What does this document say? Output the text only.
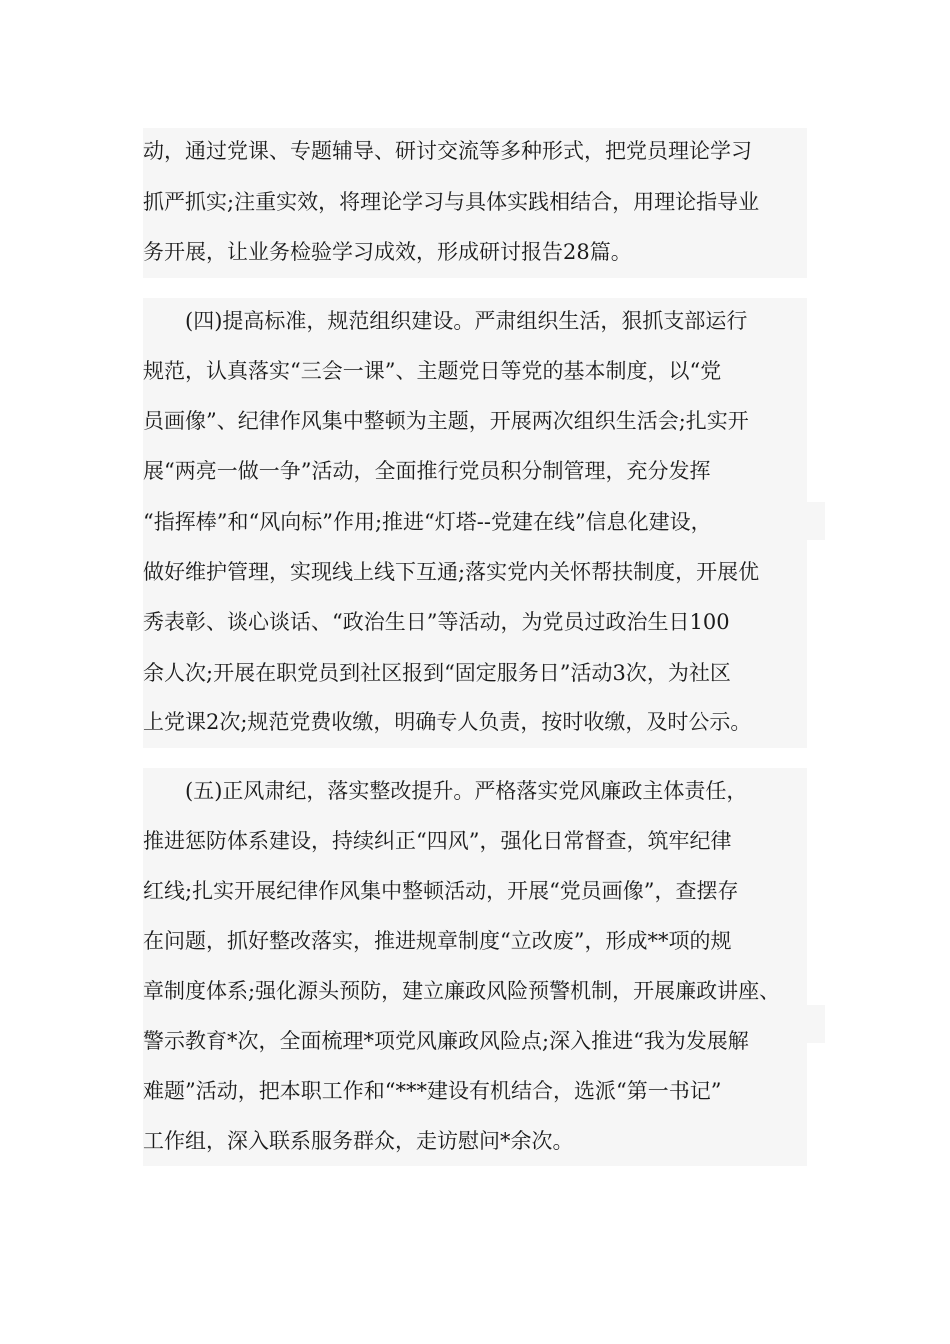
动，通过党课、专题辅导、研讨交流等多种形式，把党员理论学习
抓严抓实;注重实效，将理论学习与具体实践相结合，用理论指导业
务开展，让业务检验学习成效，形成研讨报告28篇。
(四)提高标准，规范组织建设。严肃组织生活，狠抓支部运行
规范，认真落实“三会一课”、主题党日等党的基本制度，以“党
员画像”、纪律作风集中整顿为主题，开展两次组织生活会;扎实开
展“两亮一做一争”活动，全面推行党员积分制管理，充分发挥
“指挥棒”和“风向标”作用;推进“灯塔--党建在线”信息化建设，
做好维护管理，实现线上线下互通;落实党内关怀帮扶制度，开展优
秀表彰、谈心谈话、“政治生日”等活动，为党员过政治生日100
余人次;开展在职党员到社区报到“固定服务日”活动3次，为社区
上党课2次;规范党费收缴，明确专人负责，按时收缴，及时公示。
(五)正风肃纪，落实整改提升。严格落实党风廉政主体责任，
推进惩防体系建设，持续纠正“四风”，强化日常督查，筑牢纪律
红线;扎实开展纪律作风集中整顿活动，开展“党员画像”，查摆存
在问题，抓好整改落实，推进规章制度“立改废”，形成**项的规
章制度体系;强化源头预防，建立廉政风险预警机制，开展廉政讲座、
警示教育*次，全面梳理*项党风廉政风险点;深入推进“我为发展解
难题”活动，把本职工作和“***建设有机结合，选派“第一书记”
工作组，深入联系服务群众，走访慰问*余次。
